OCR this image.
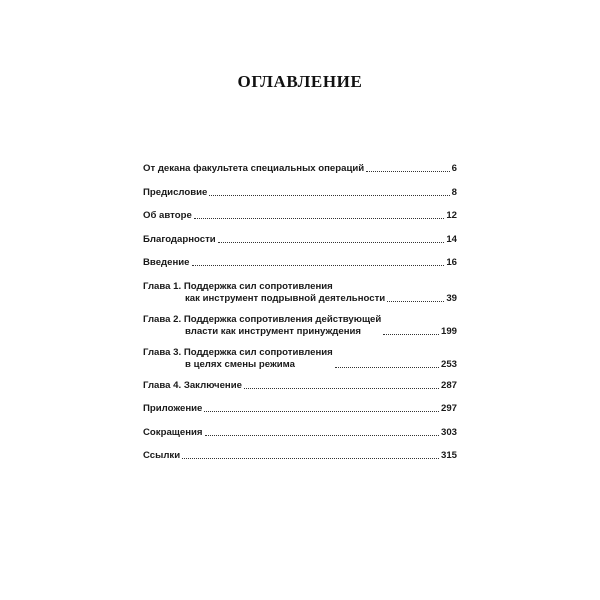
ОГЛАВЛЕНИЕ
От декана факультета специальных операций	6
Предисловие	8
Об авторе	12
Благодарности	14
Введение	16
Глава 1. Поддержка сил сопротивления
как инструмент подрывной деятельности	39
Глава 2. Поддержка сопротивления действующей
власти как инструмент принуждения	199
Глава 3. Поддержка сил сопротивления
в целях смены режима	253
Глава 4. Заключение	287
Приложение	297
Сокращения	303
Ссылки	315
